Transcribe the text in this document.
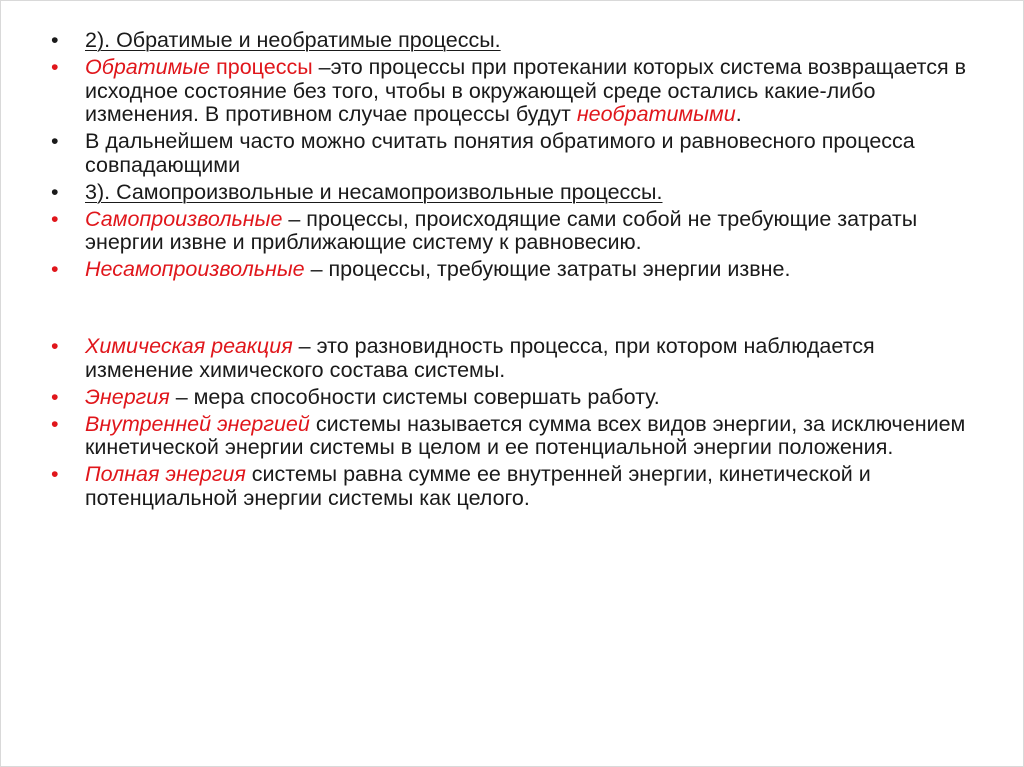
•	2). Обратимые и необратимые процессы.
•	Обратимые процессы –это процессы при протекании которых система возвращается в исходное состояние без того, чтобы в окружающей среде остались какие-либо изменения. В противном случае процессы будут необратимыми.
•	В дальнейшем часто можно считать понятия обратимого и равновесного процесса совпадающими
•	3). Самопроизвольные и несамопроизвольные процессы.
•	Самопроизвольные – процессы, происходящие сами собой не требующие затраты энергии извне и приближающие систему к равновесию.
•	Несамопроизвольные – процессы, требующие затраты энергии извне.
•	Химическая реакция – это разновидность процесса, при котором наблюдается изменение химического состава системы.
•	Энергия – мера способности системы совершать работу.
•	Внутренней энергией системы называется сумма всех видов энергии, за исключением кинетической энергии системы в целом и ее потенциальной энергии положения.
•	Полная энергия системы равна сумме ее внутренней энергии, кинетической и потенциальной энергии системы как целого.
